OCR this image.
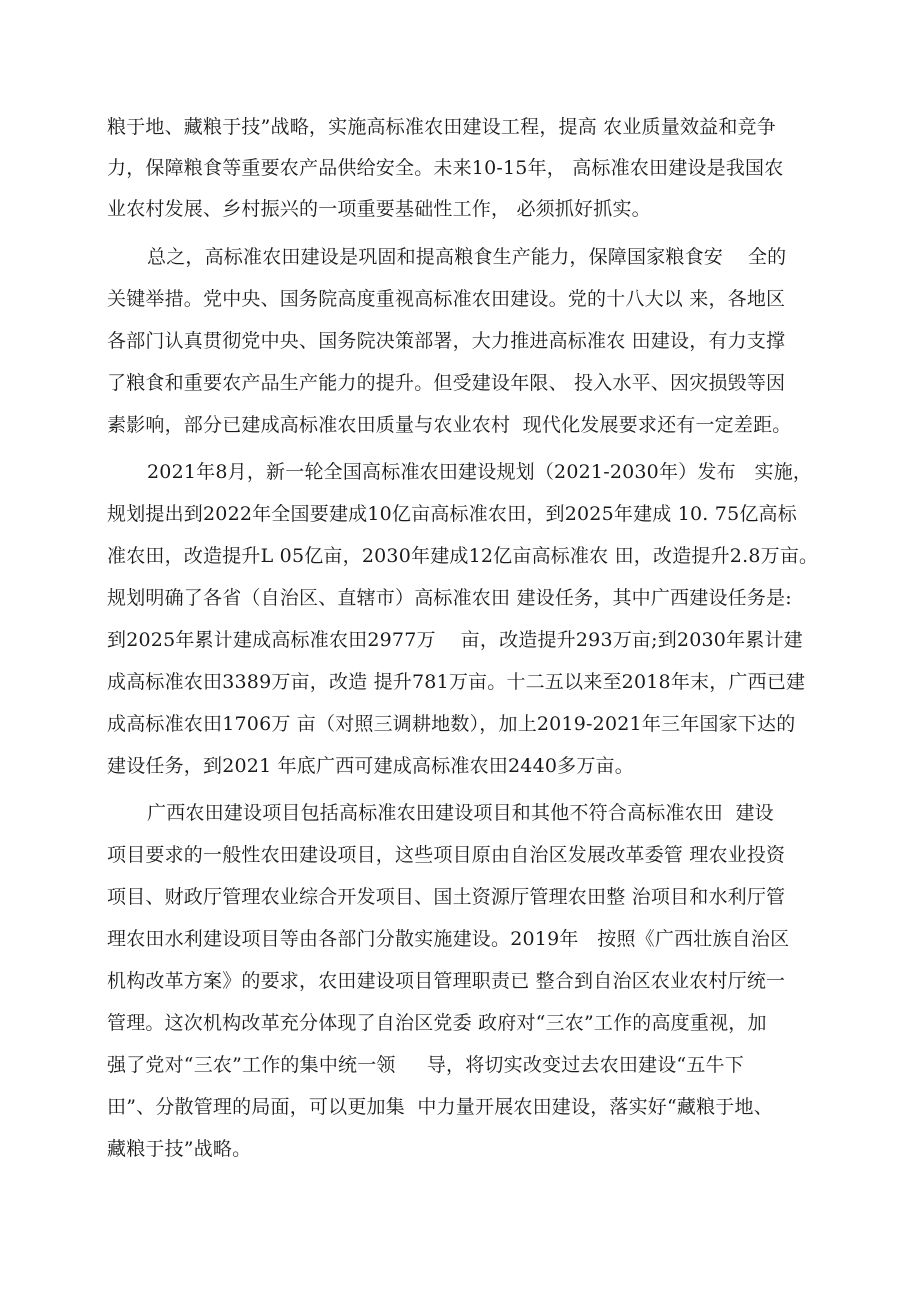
粮于地、藏粮于技”战略，实施高标准农田建设工程，提高 农业质量效益和竞争
力，保障粮食等重要农产品供给安全。未来10-15年， 高标准农田建设是我国农
业农村发展、乡村振兴的一项重要基础性工作， 必须抓好抓实。
总之，高标准农田建设是巩固和提高粮食生产能力，保障国家粮食安    全的
关键举措。党中央、国务院高度重视高标准农田建设。党的十八大以 来，各地区
各部门认真贯彻党中央、国务院决策部署，大力推进高标准农 田建设，有力支撑
了粮食和重要农产品生产能力的提升。但受建设年限、 投入水平、因灾损毁等因
素影响，部分已建成高标准农田质量与农业农村  现代化发展要求还有一定差距。
2021年8月，新一轮全国高标准农田建设规划（2021-2030年）发布   实施，
规划提出到2022年全国要建成10亿亩高标准农田，到2025年建成 10. 75亿高标
准农田，改造提升L 05亿亩，2030年建成12亿亩高标准农 田，改造提升2.8万亩。
规划明确了各省（自治区、直辖市）高标准农田 建设任务，其中广西建设任务是:
到2025年累计建成高标准农田2977万    亩，改造提升293万亩;到2030年累计建
成高标准农田3389万亩，改造 提升781万亩。十二五以来至2018年末，广西已建
成高标准农田1706万 亩（对照三调耕地数），加上2019-2021年三年国家下达的
建设任务，到2021 年底广西可建成高标准农田2440多万亩。
广西农田建设项目包括高标准农田建设项目和其他不符合高标准农田  建设
项目要求的一般性农田建设项目，这些项目原由自治区发展改革委管 理农业投资
项目、财政厅管理农业综合开发项目、国土资源厅管理农田整 治项目和水利厅管
理农田水利建设项目等由各部门分散实施建设。2019年   按照《广西壮族自治区
机构改革方案》的要求，农田建设项目管理职责已 整合到自治区农业农村厅统一
管理。这次机构改革充分体现了自治区党委 政府对“三农”工作的高度重视，加
强了党对“三农”工作的集中统一领     导，将切实改变过去农田建设“五牛下
田”、分散管理的局面，可以更加集  中力量开展农田建设，落实好“藏粮于地、
藏粮于技”战略。
